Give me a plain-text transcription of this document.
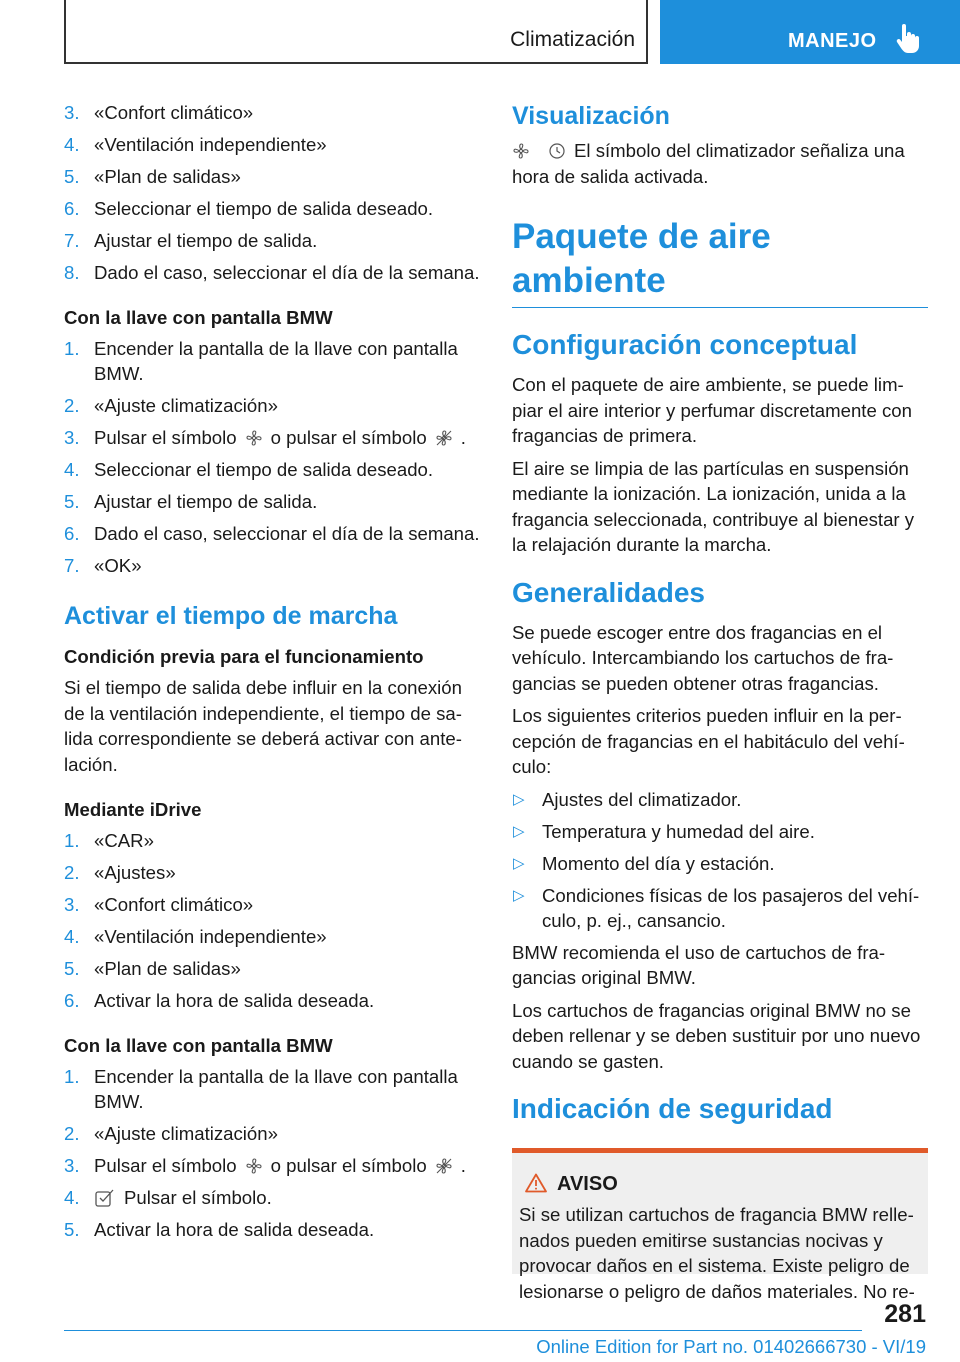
Climatización	MANEJO
3. «Confort climático»
4. «Ventilación independiente»
5. «Plan de salidas»
6. Seleccionar el tiempo de salida deseado.
7. Ajustar el tiempo de salida.
8. Dado el caso, seleccionar el día de la semana.
Con la llave con pantalla BMW
1. Encender la pantalla de la llave con pantalla BMW.
2. «Ajuste climatización»
3. Pulsar el símbolo o pulsar el símbolo .
4. Seleccionar el tiempo de salida deseado.
5. Ajustar el tiempo de salida.
6. Dado el caso, seleccionar el día de la semana.
7. «OK»
Activar el tiempo de marcha
Condición previa para el funcionamiento

Si el tiempo de salida debe influir en la conexión de la ventilación independiente, el tiempo de sa‐ lida correspondiente se deberá activar con ante‐ lación.

Mediante iDrive
1. «CAR»
2. «Ajustes»
3. «Confort climático»
4. «Ventilación independiente»
5. «Plan de salidas»
6. Activar la hora de salida deseada.
Con la llave con pantalla BMW
1. Encender la pantalla de la llave con pantalla BMW.
2. «Ajuste climatización»
3. Pulsar el símbolo o pulsar el símbolo .
4. Pulsar el símbolo.
5. Activar la hora de salida deseada.
Visualización

El símbolo del climatizador señaliza una hora de salida activada.

Paquete de aire ambiente
Configuración conceptual

Con el paquete de aire ambiente, se puede lim‐ piar el aire interior y perfumar discretamente con fragancias de primera.

El aire se limpia de las partículas en suspensión mediante la ionización. La ionización, unida a la fragancia seleccionada, contribuye al bienestar y la relajación durante la marcha.

Generalidades

Se puede escoger entre dos fragancias en el vehículo. Intercambiando los cartuchos de fra‐ gancias se pueden obtener otras fragancias.

Los siguientes criterios pueden influir en la per‐ cepción de fragancias en el habitáculo del vehí‐ culo:

▷ Ajustes del climatizador.
▷ Temperatura y humedad del aire.
▷ Momento del día y estación.
▷ Condiciones físicas de los pasajeros del vehí‐ culo, p. ej., cansancio.

BMW recomienda el uso de cartuchos de fra‐ gancias original BMW.

Los cartuchos de fragancias original BMW no se deben rellenar y se deben sustituir por uno nuevo cuando se gasten.

Indicación de seguridad
AVISO

Si se utilizan cartuchos de fragancia BMW relle‐ nados pueden emitirse sustancias nocivas y provocar daños en el sistema. Existe peligro de lesionarse o peligro de daños materiales. No re‐

281
Online Edition for Part no. 01402666730 - VI/19
